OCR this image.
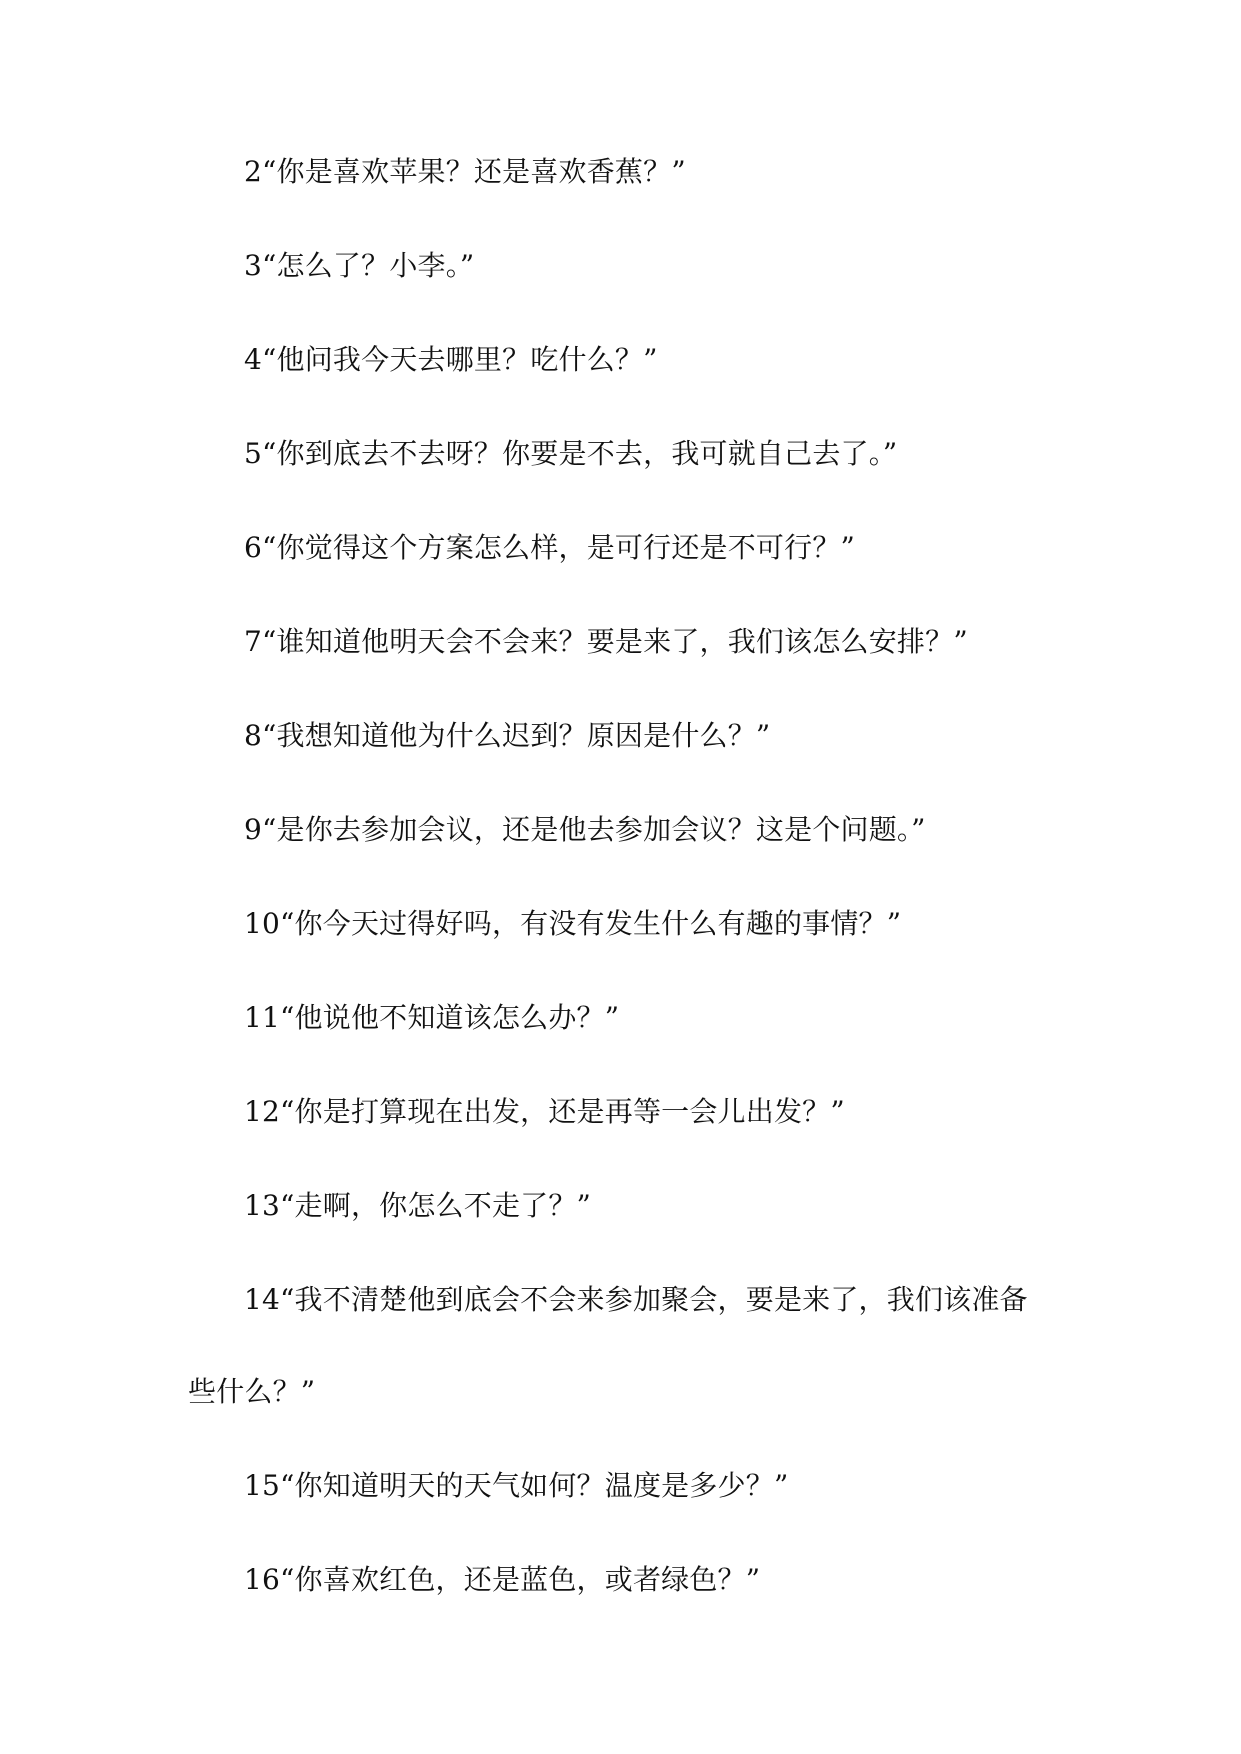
2“你是喜欢苹果？还是喜欢香蕉？”

3“怎么了？小李。”

4“他问我今天去哪里？吃什么？”

5“你到底去不去呀？你要是不去，我可就自己去了。”

6“你觉得这个方案怎么样，是可行还是不可行？”

7“谁知道他明天会不会来？要是来了，我们该怎么安排？”

8“我想知道他为什么迟到？原因是什么？”

9“是你去参加会议，还是他去参加会议？这是个问题。”

10“你今天过得好吗，有没有发生什么有趣的事情？”

11“他说他不知道该怎么办？”

12“你是打算现在出发，还是再等一会儿出发？”

13“走啊，你怎么不走了？”

14“我不清楚他到底会不会来参加聚会，要是来了，我们该准备

些什么？”

15“你知道明天的天气如何？温度是多少？”

16“你喜欢红色，还是蓝色，或者绿色？”
